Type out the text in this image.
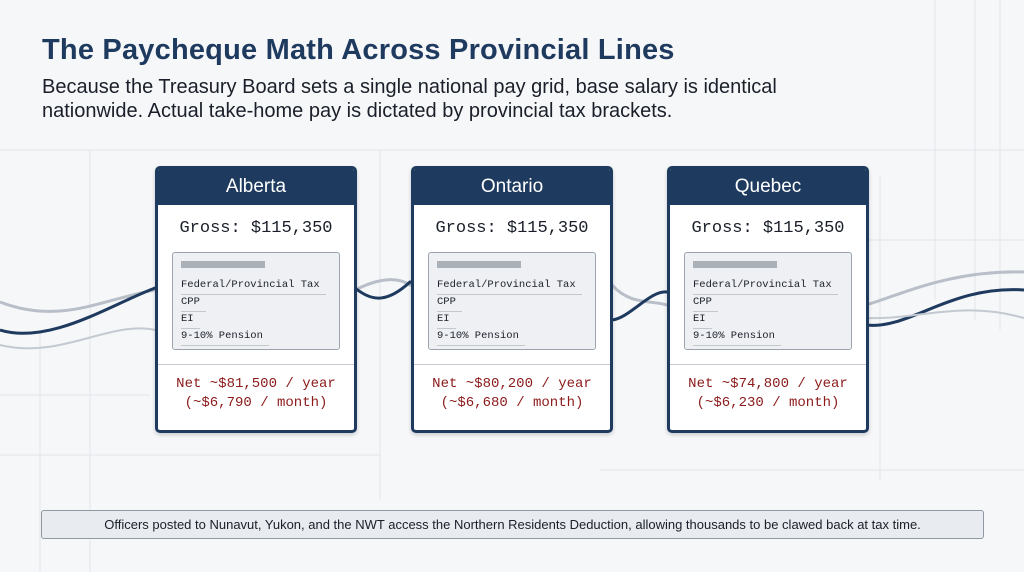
The Paycheque Math Across Provincial Lines

Because the Treasury Board sets a single national pay grid, base salary is identical nationwide. Actual take-home pay is dictated by provincial tax brackets.

Alberta
Gross: $115,350
Federal/Provincial Tax
CPP
EI
9-10% Pension
Net ~$81,500 / year
(~$6,790 / month)
Ontario
Gross: $115,350
Federal/Provincial Tax
CPP
EI
9-10% Pension
Net ~$80,200 / year
(~$6,680 / month)
Quebec
Gross: $115,350
Federal/Provincial Tax
CPP
EI
9-10% Pension
Net ~$74,800 / year
(~$6,230 / month)
Officers posted to Nunavut, Yukon, and the NWT access the Northern Residents Deduction, allowing thousands to be clawed back at tax time.
